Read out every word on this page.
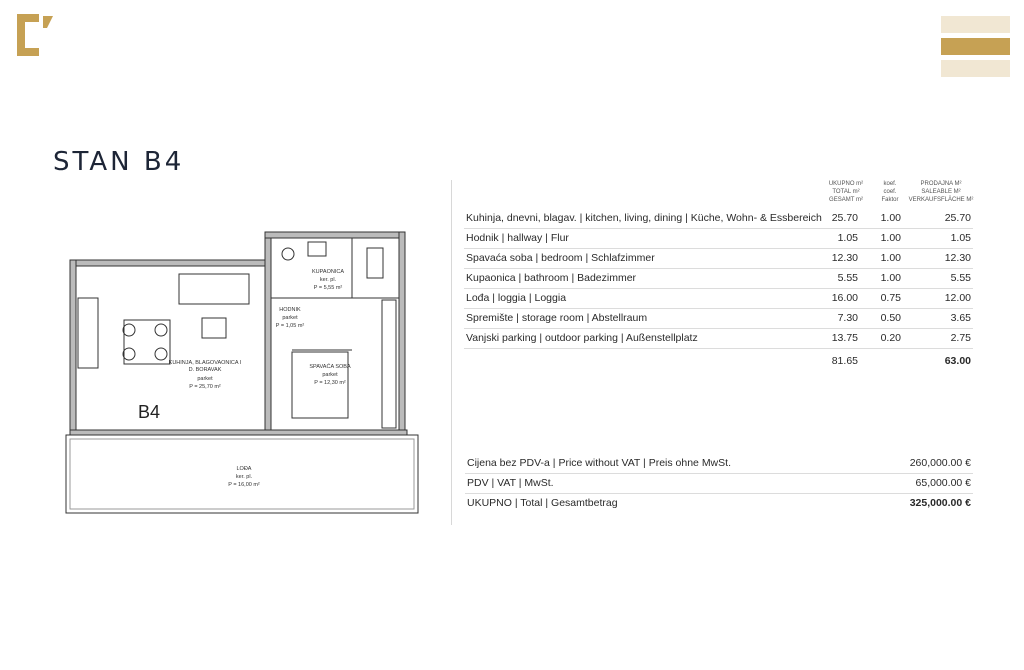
STAN B4
B4
KUHINJA, BLAGOVAONICA I
D. BORAVAK
parket
P = 25,70 m²
SPAVAĆA SOBA
parket
P = 12,30 m²
KUPAONICA
ker. pl.
P = 5,55 m²
HODNIK
parket
P = 1,05 m²
LOĐA
ker. pl.
P = 16,00 m²
UKUPNO m²
TOTAL m²
GESAMT m²
koef.
coef.
Faktor
PRODAJNA M²
SALEABLE M²
VERKAUFSFLÄCHE M²
Kuhinja, dnevni, blagav. | kitchen, living, dining | Küche, Wohn- & Essbereich 25.70 1.00	25.70
Hodnik | hallway | Flur	1.05 1.00	1.05
Spavaća soba | bedroom | Schlafzimmer	12.30 1.00	12.30
Kupaonica | bathroom | Badezimmer	5.55 1.00	5.55
Lođa | loggia | Loggia	16.00 0.75	12.00
Spremište | storage room | Abstellraum	7.30 0.50	3.65
Vanjski parking | outdoor parking | Außenstellplatz	13.75 0.20	2.75
81.65	63.00
Cijena bez PDV-a | Price without VAT | Preis ohne MwSt.	260,000.00 €
PDV | VAT | MwSt.	65,000.00 €
UKUPNO | Total | Gesamtbetrag	325,000.00 €
